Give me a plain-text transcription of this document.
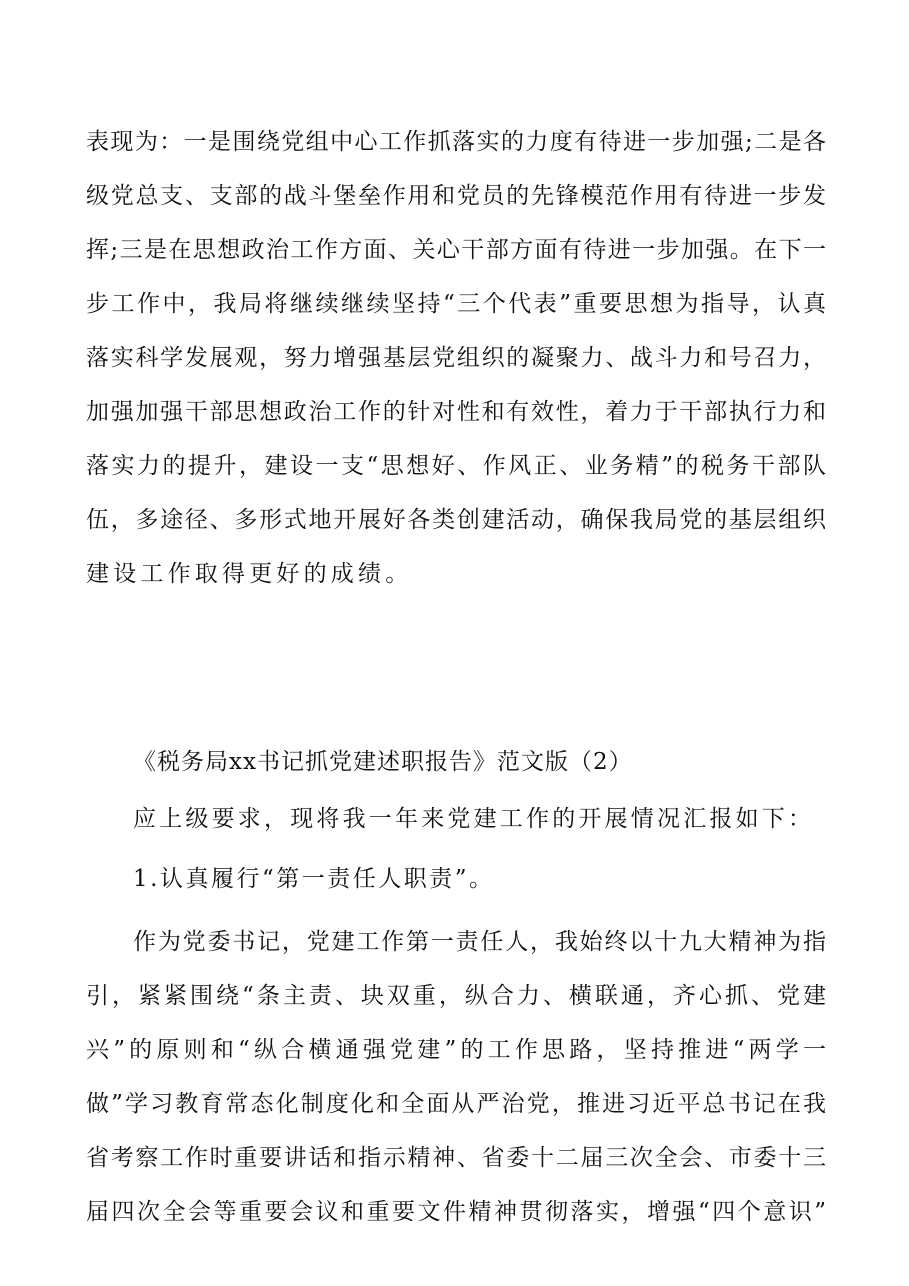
表现为：一是围绕党组中心工作抓落实的力度有待进一步加强;二是各
级党总支、支部的战斗堡垒作用和党员的先锋模范作用有待进一步发
挥;三是在思想政治工作方面、关心干部方面有待进一步加强。在下一
步工作中，我局将继续继续坚持“三个代表”重要思想为指导，认真
落实科学发展观，努力增强基层党组织的凝聚力、战斗力和号召力，
加强加强干部思想政治工作的针对性和有效性，着力于干部执行力和
落实力的提升，建设一支“思想好、作风正、业务精”的税务干部队
伍，多途径、多形式地开展好各类创建活动，确保我局党的基层组织
建设工作取得更好的成绩。
《税务局xx书记抓党建述职报告》范文版（2）
应上级要求，现将我一年来党建工作的开展情况汇报如下：
1.认真履行“第一责任人职责”。
作为党委书记，党建工作第一责任人，我始终以十九大精神为指
引，紧紧围绕“条主责、块双重，纵合力、横联通，齐心抓、党建
兴”的原则和“纵合横通强党建”的工作思路，坚持推进“两学一
做”学习教育常态化制度化和全面从严治党，推进习近平总书记在我
省考察工作时重要讲话和指示精神、省委十二届三次全会、市委十三
届四次全会等重要会议和重要文件精神贯彻落实，增强“四个意识”
